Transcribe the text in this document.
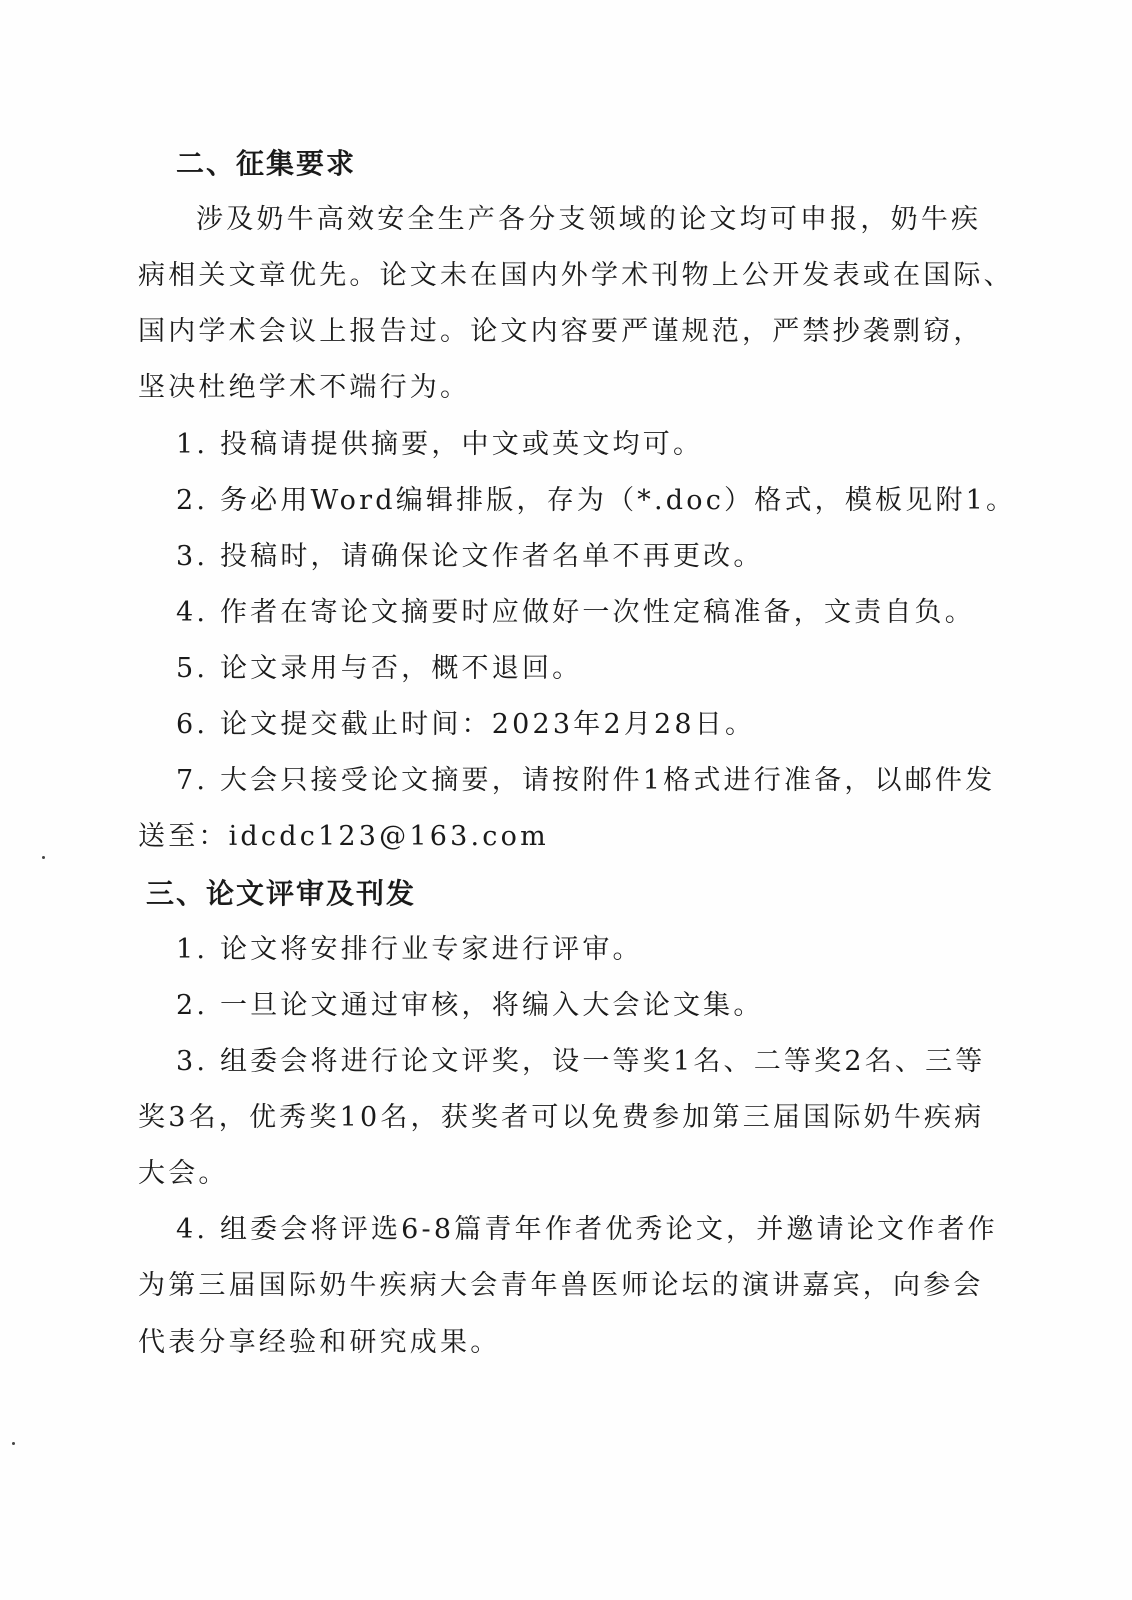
二、征集要求
涉及奶牛高效安全生产各分支领域的论文均可申报，奶牛疾
病相关文章优先。论文未在国内外学术刊物上公开发表或在国际、
国内学术会议上报告过。论文内容要严谨规范，严禁抄袭剽窃，
坚决杜绝学术不端行为。
1. 投稿请提供摘要，中文或英文均可。
2. 务必用Word编辑排版，存为（*.doc）格式，模板见附1。
3. 投稿时，请确保论文作者名单不再更改。
4. 作者在寄论文摘要时应做好一次性定稿准备，文责自负。
5. 论文录用与否，概不退回。
6. 论文提交截止时间：2023年2月28日。
7. 大会只接受论文摘要，请按附件1格式进行准备，以邮件发
送至：idcdc123@163.com
三、论文评审及刊发
1. 论文将安排行业专家进行评审。
2. 一旦论文通过审核，将编入大会论文集。
3. 组委会将进行论文评奖，设一等奖1名、二等奖2名、三等
奖3名，优秀奖10名，获奖者可以免费参加第三届国际奶牛疾病
大会。
4. 组委会将评选6-8篇青年作者优秀论文，并邀请论文作者作
为第三届国际奶牛疾病大会青年兽医师论坛的演讲嘉宾，向参会
代表分享经验和研究成果。
